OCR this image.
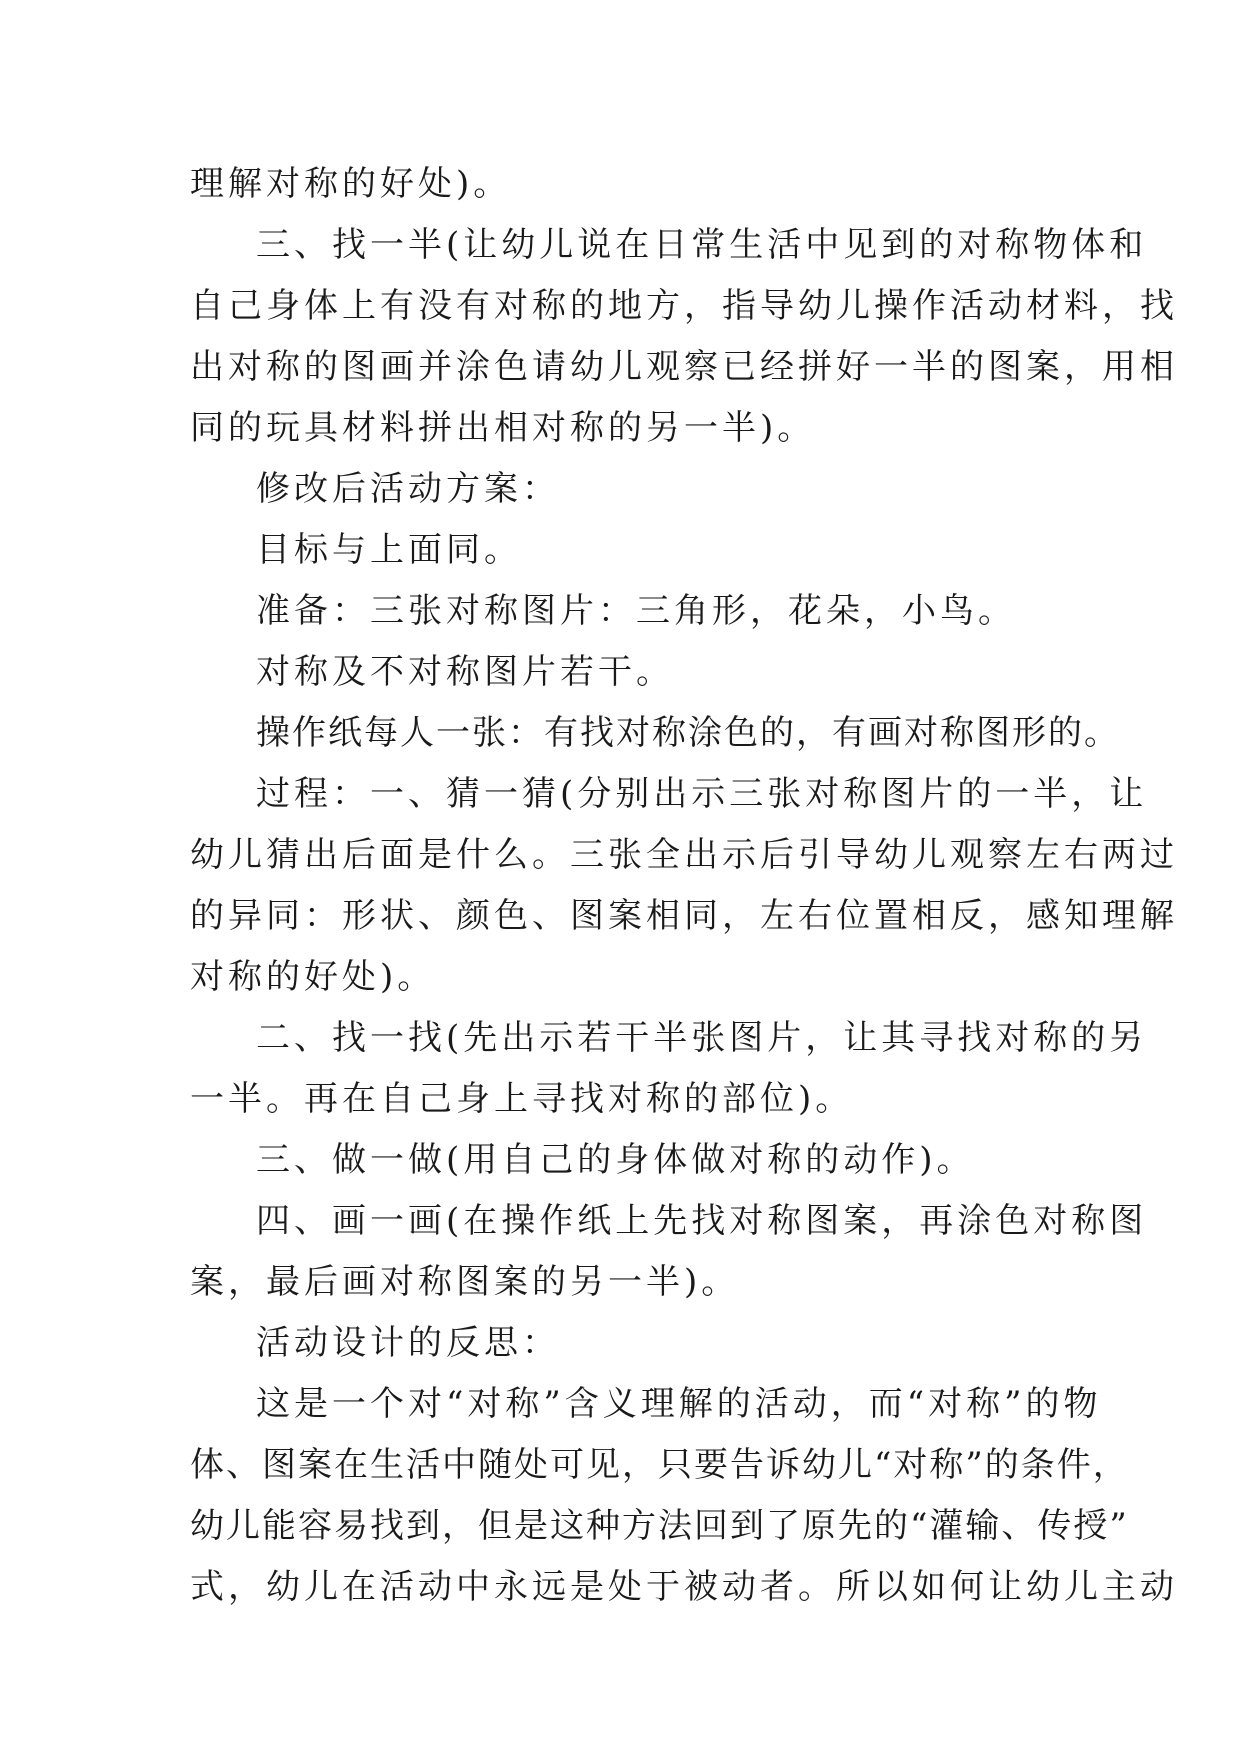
理解对称的好处)。
三、找一半(让幼儿说在日常生活中见到的对称物体和
自己身体上有没有对称的地方，指导幼儿操作活动材料，找
出对称的图画并涂色请幼儿观察已经拼好一半的图案，用相
同的玩具材料拼出相对称的另一半)。
修改后活动方案：
目标与上面同。
准备：三张对称图片：三角形，花朵，小鸟。
对称及不对称图片若干。
操作纸每人一张：有找对称涂色的，有画对称图形的。
过程：一、猜一猜(分别出示三张对称图片的一半，让
幼儿猜出后面是什么。三张全出示后引导幼儿观察左右两过
的异同：形状、颜色、图案相同，左右位置相反，感知理解
对称的好处)。
二、找一找(先出示若干半张图片，让其寻找对称的另
一半。再在自己身上寻找对称的部位)。
三、做一做(用自己的身体做对称的动作)。
四、画一画(在操作纸上先找对称图案，再涂色对称图
案，最后画对称图案的另一半)。
活动设计的反思：
这是一个对“对称”含义理解的活动，而“对称”的物
体、图案在生活中随处可见，只要告诉幼儿“对称”的条件，
幼儿能容易找到，但是这种方法回到了原先的“灌输、传授”
式，幼儿在活动中永远是处于被动者。所以如何让幼儿主动
